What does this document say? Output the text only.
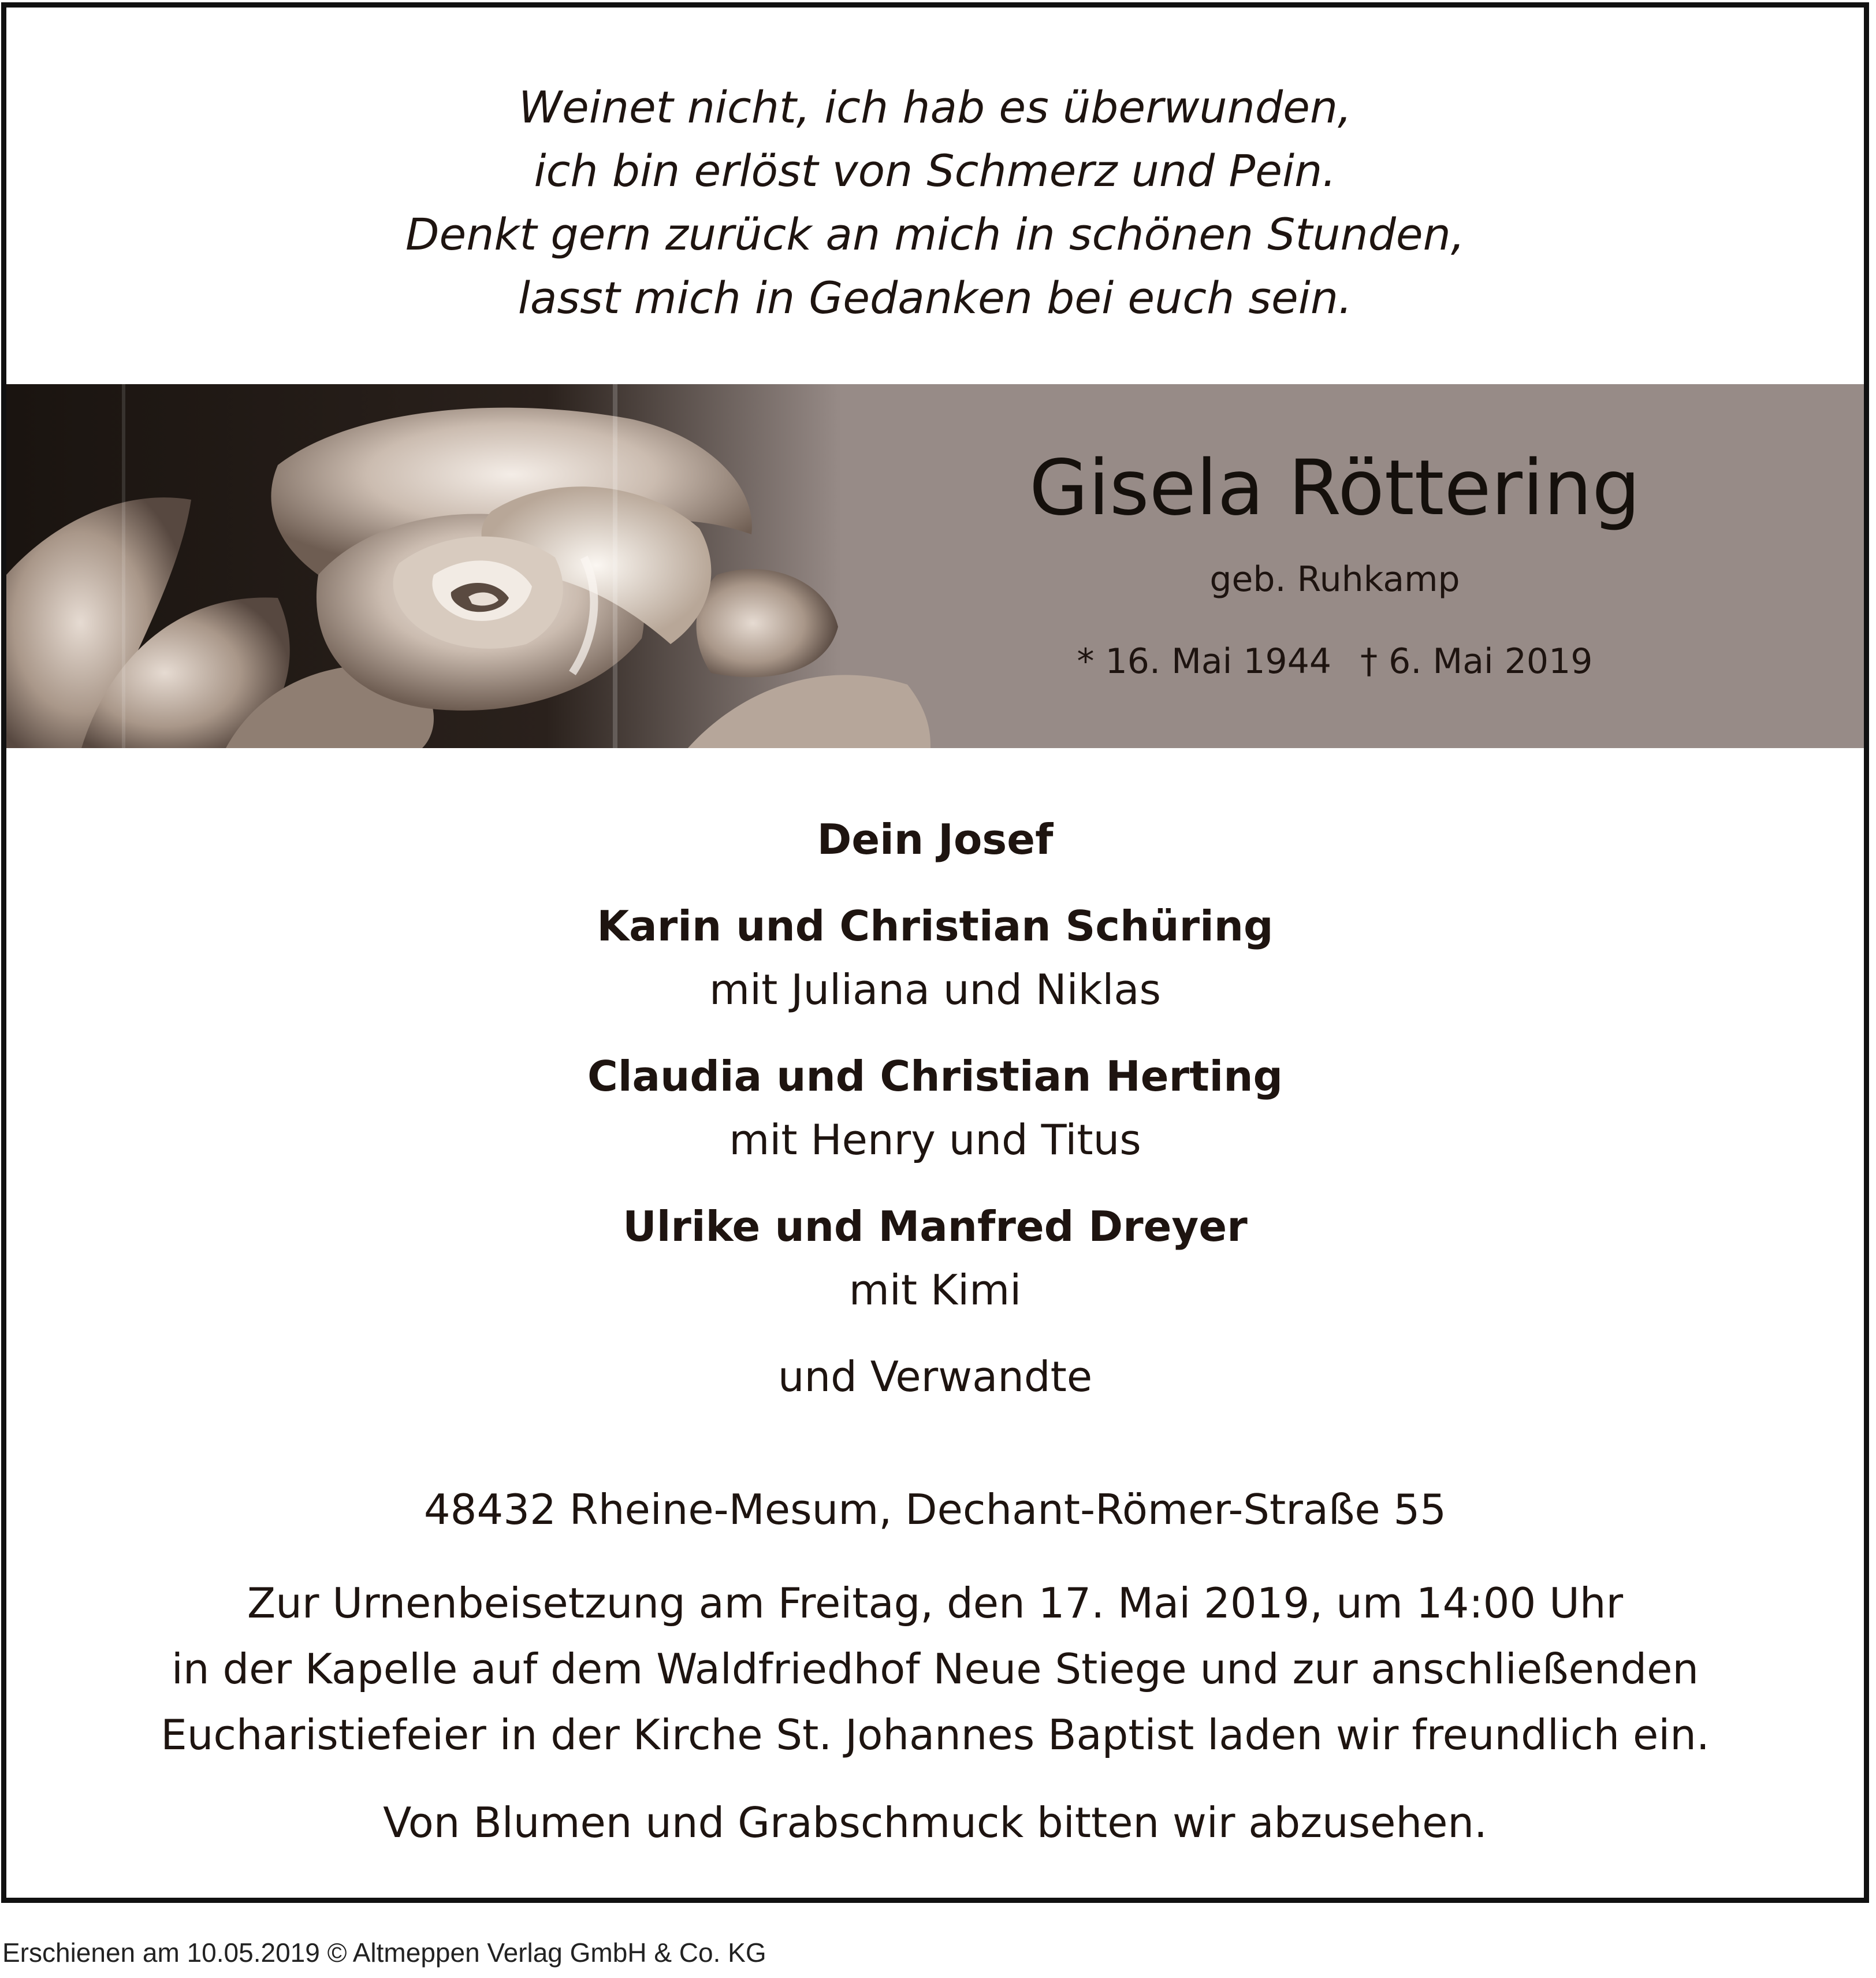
Weinet nicht, ich hab es überwunden,
ich bin erlöst von Schmerz und Pein.
Denkt gern zurück an mich in schönen Stunden,
lasst mich in Gedanken bei euch sein.
Gisela Röttering
geb. Ruhkamp
* 16. Mai 1944 † 6. Mai 2019
Dein Josef
Karin und Christian Schüring
mit Juliana und Niklas
Claudia und Christian Herting
mit Henry und Titus
Ulrike und Manfred Dreyer
mit Kimi
und Verwandte
48432 Rheine-Mesum, Dechant-Römer-Straße 55
Zur Urnenbeisetzung am Freitag, den 17. Mai 2019, um 14:00 Uhr
in der Kapelle auf dem Waldfriedhof Neue Stiege und zur anschließenden
Eucharistiefeier in der Kirche St. Johannes Baptist laden wir freundlich ein.
Von Blumen und Grabschmuck bitten wir abzusehen.
Erschienen am 10.05.2019 © Altmeppen Verlag GmbH & Co. KG
